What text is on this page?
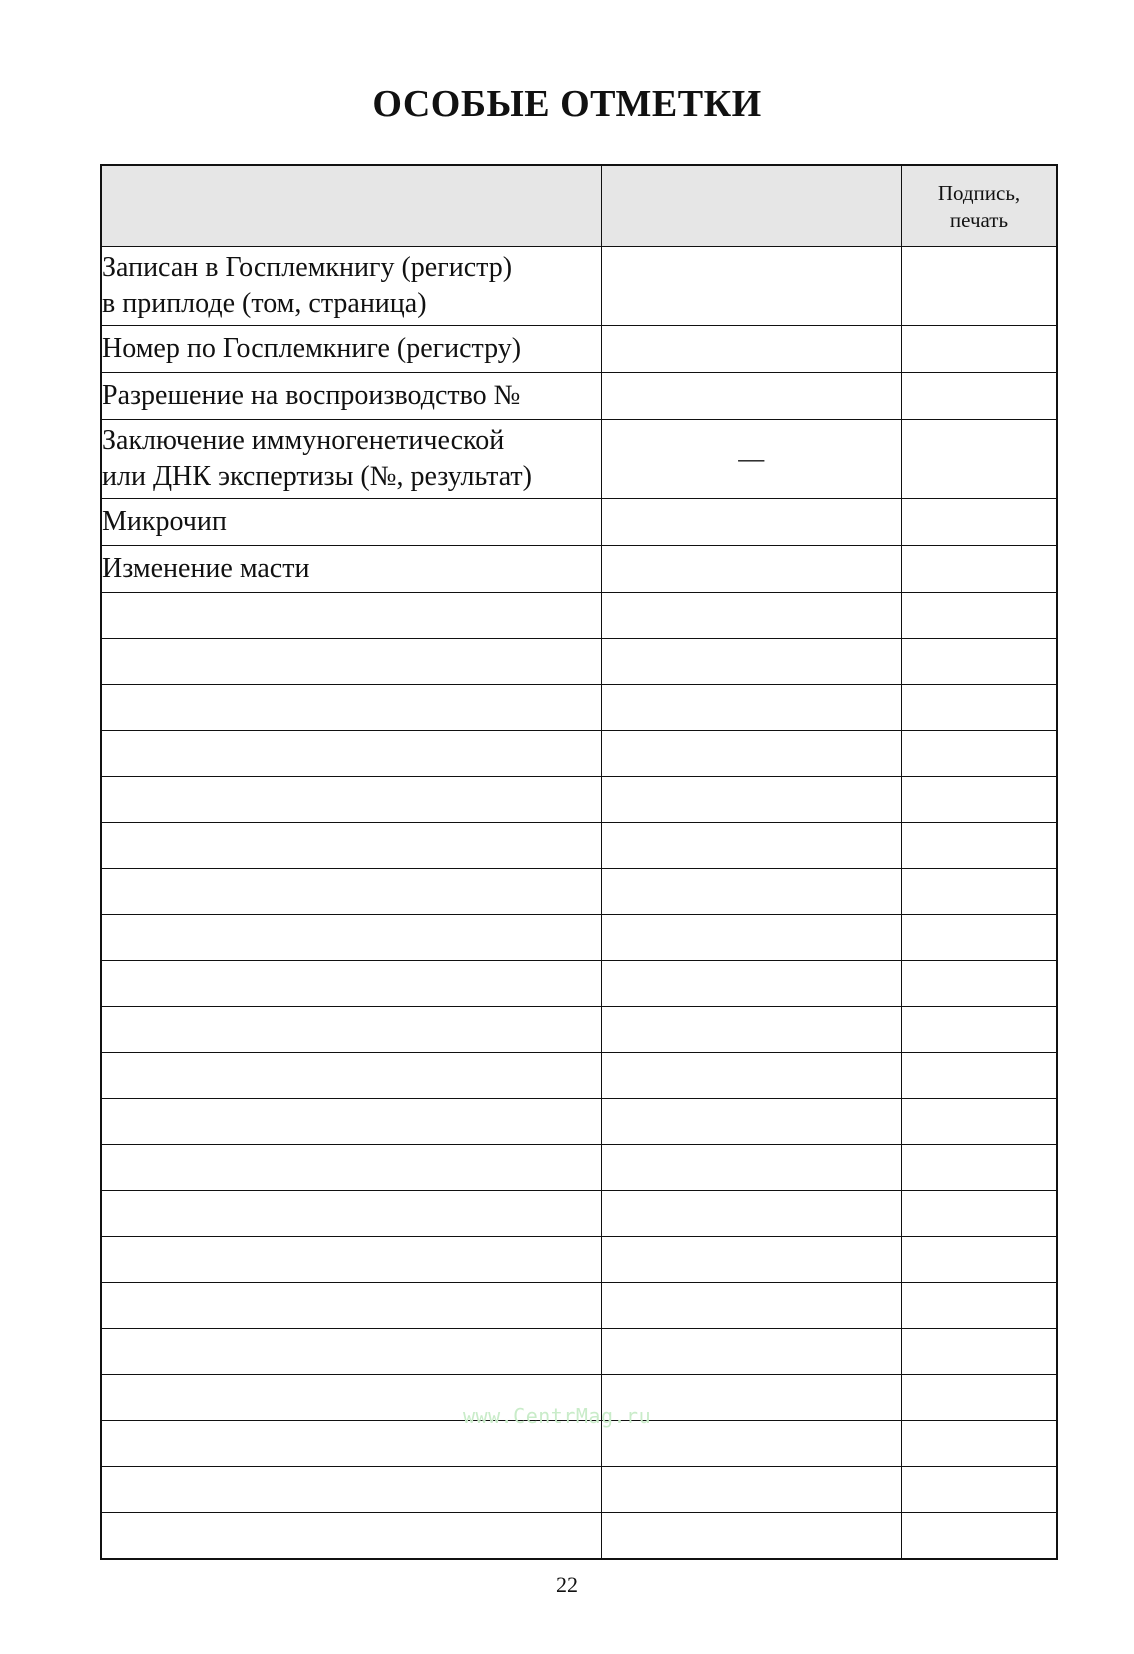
ОСОБЫЕ ОТМЕТКИ
		Подпись,
печать
Записан в Госплемкнигу (регистр)
в приплоде (том, страница)		
Номер по Госплемкниге (регистру)		
Разрешение на воспроизводство №		
Заключение иммуногенетической
или ДНК экспертизы (№, результат)	—	
Микрочип		
Изменение масти		

www.CentrMag.ru
22
